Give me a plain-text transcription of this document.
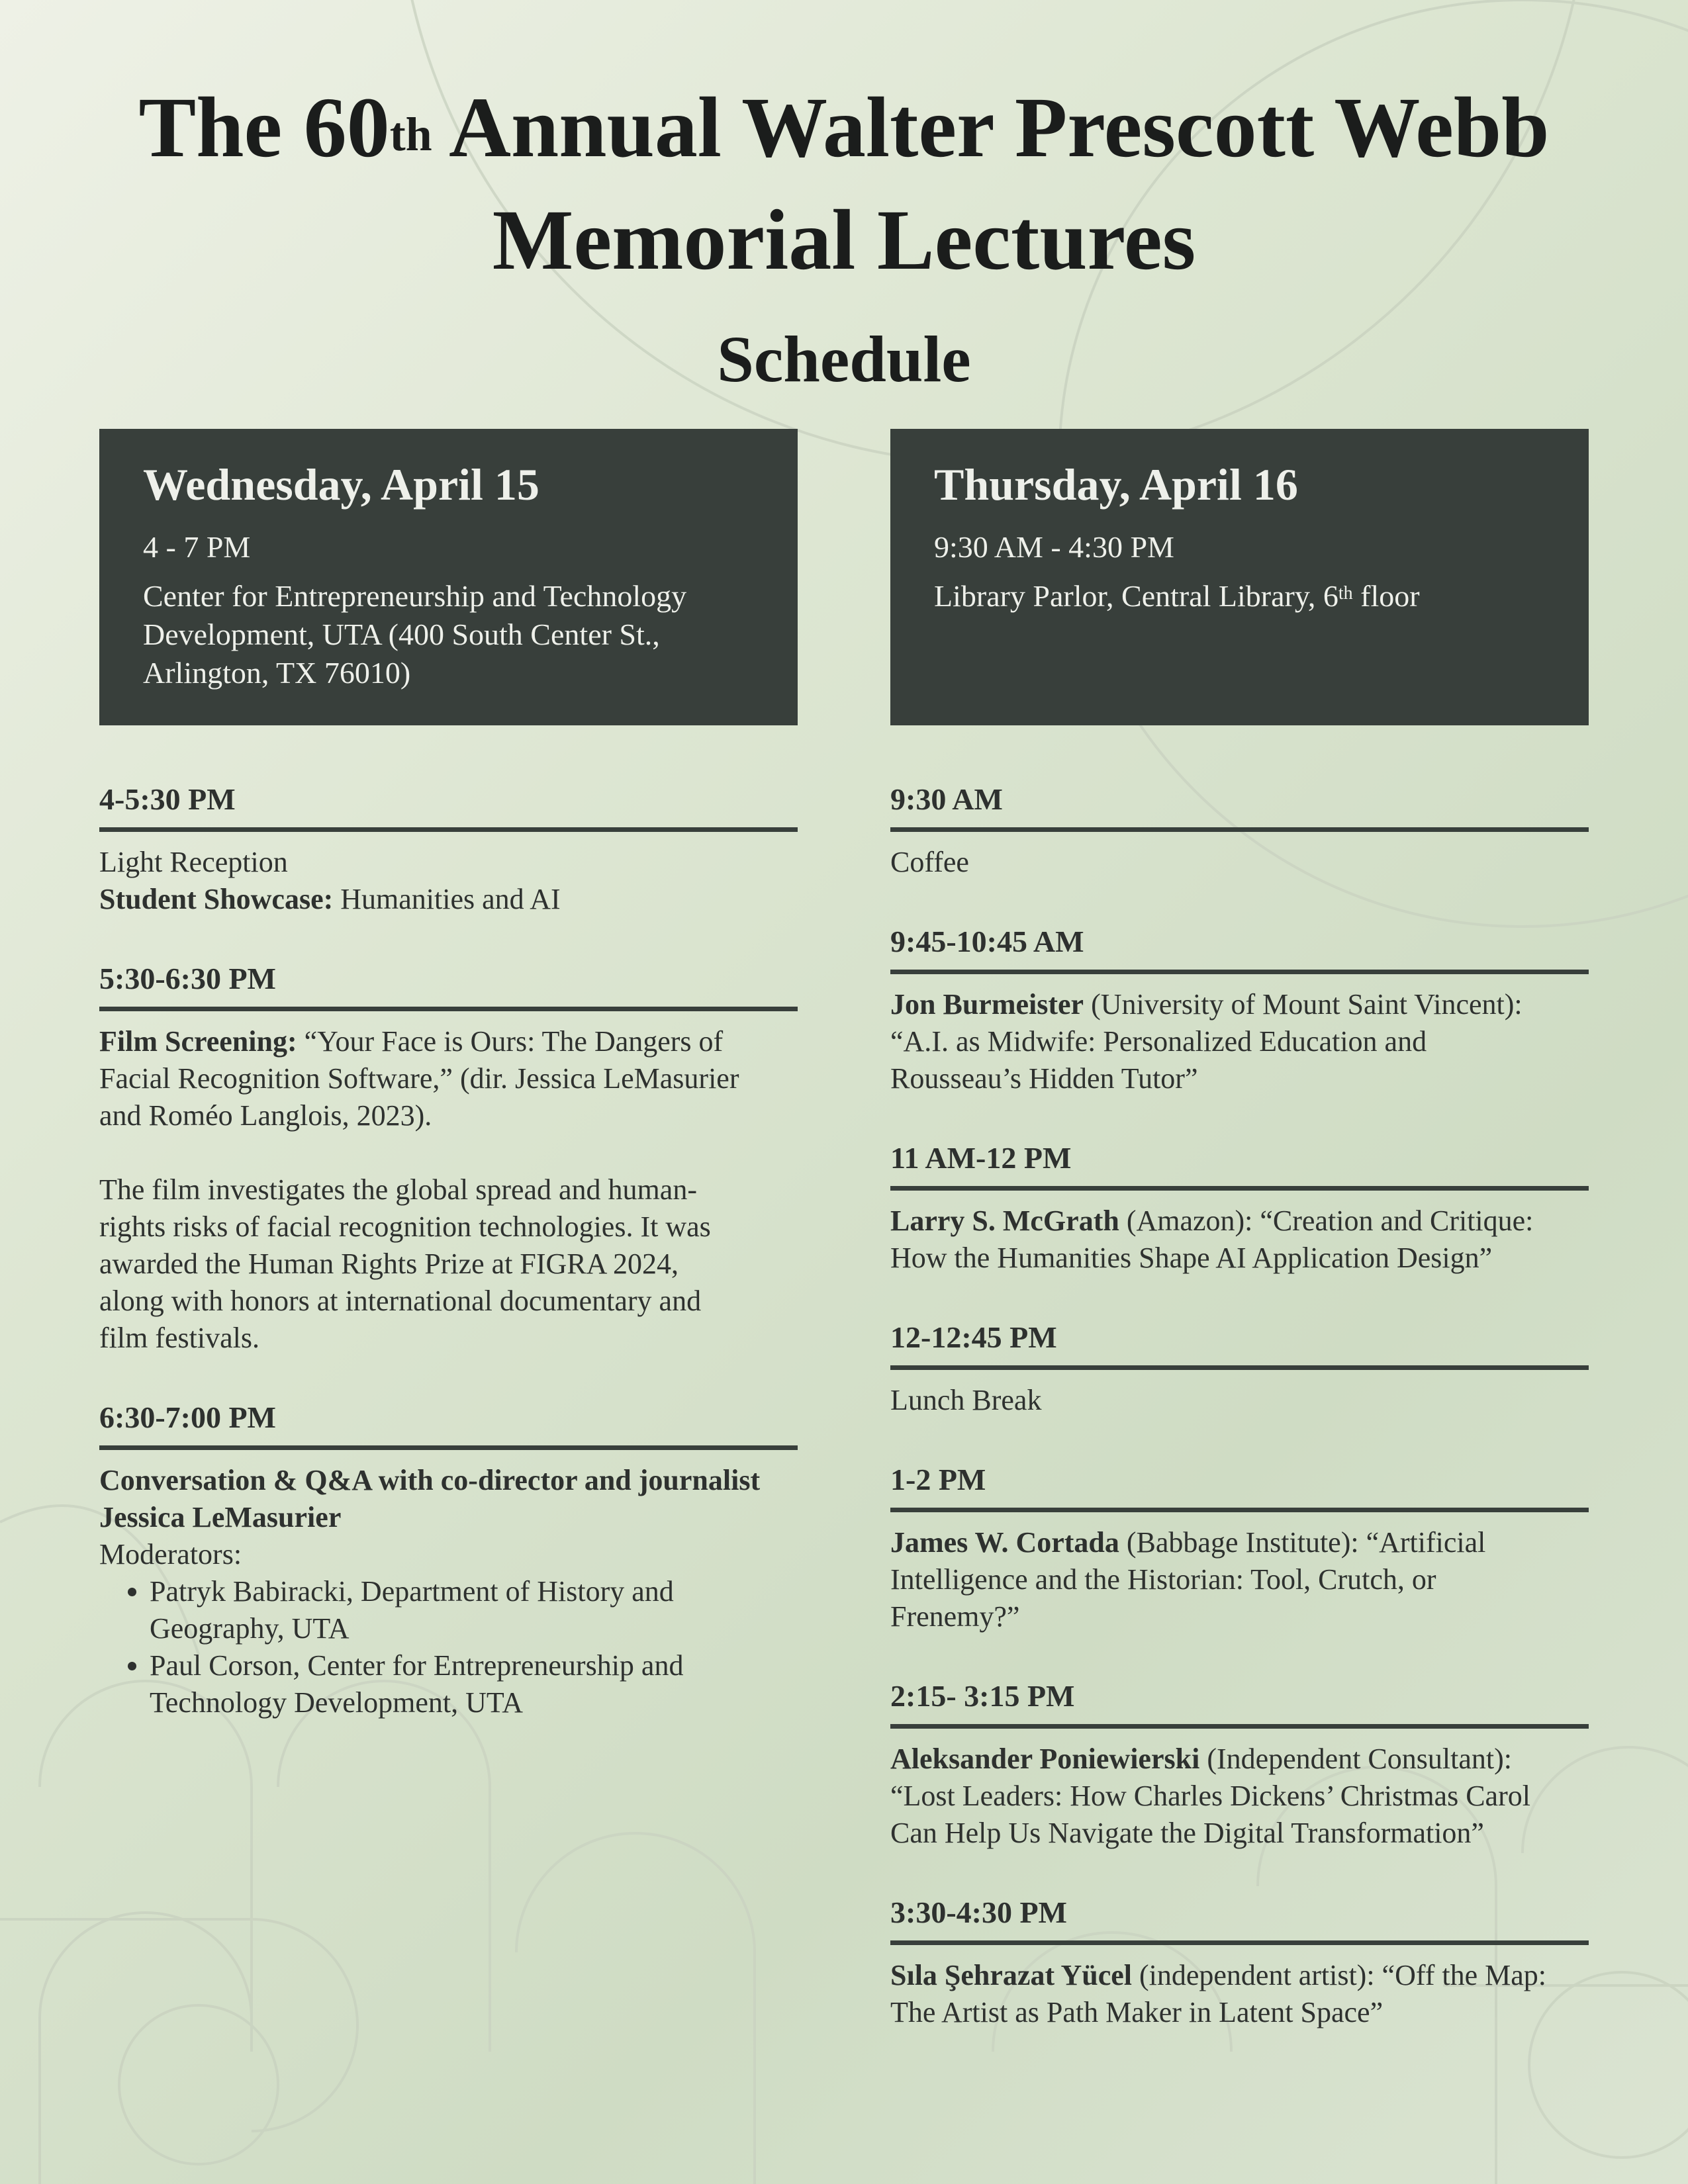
The 60th Annual Walter Prescott Webb
Memorial Lectures
Schedule
Wednesday, April 15
4 - 7 PM
Center for Entrepreneurship and Technology
Development, UTA (400 South Center St.,
Arlington, TX 76010)
4-5:30 PM

Light Reception

Student Showcase: Humanities and AI

5:30-6:30 PM

Film Screening: “Your Face is Ours: The Dangers of

Facial Recognition Software,” (dir. Jessica LeMasurier

and Roméo Langlois, 2023).

The film investigates the global spread and human-

rights risks of facial recognition technologies. It was

awarded the Human Rights Prize at FIGRA 2024,

along with honors at international documentary and

film festivals.

6:30-7:00 PM

Conversation & Q&A with co-director and journalist

Jessica LeMasurier

Moderators:

• Patryk Babiracki, Department of History and
Geography, UTA
• Paul Corson, Center for Entrepreneurship and
Technology Development, UTA
Thursday, April 16
9:30 AM - 4:30 PM
Library Parlor, Central Library, 6th floor
9:30 AM

Coffee

9:45-10:45 AM

Jon Burmeister (University of Mount Saint Vincent):

“A.I. as Midwife: Personalized Education and

Rousseau’s Hidden Tutor”

11 AM-12 PM

Larry S. McGrath (Amazon): “Creation and Critique:

How the Humanities Shape AI Application Design”

12-12:45 PM

Lunch Break

1-2 PM

James W. Cortada (Babbage Institute): “Artificial

Intelligence and the Historian: Tool, Crutch, or

Frenemy?”

2:15- 3:15 PM

Aleksander Poniewierski (Independent Consultant):

“Lost Leaders: How Charles Dickens’ Christmas Carol

Can Help Us Navigate the Digital Transformation”

3:30-4:30 PM

Sıla Şehrazat Yücel (independent artist): “Off the Map:

The Artist as Path Maker in Latent Space”
